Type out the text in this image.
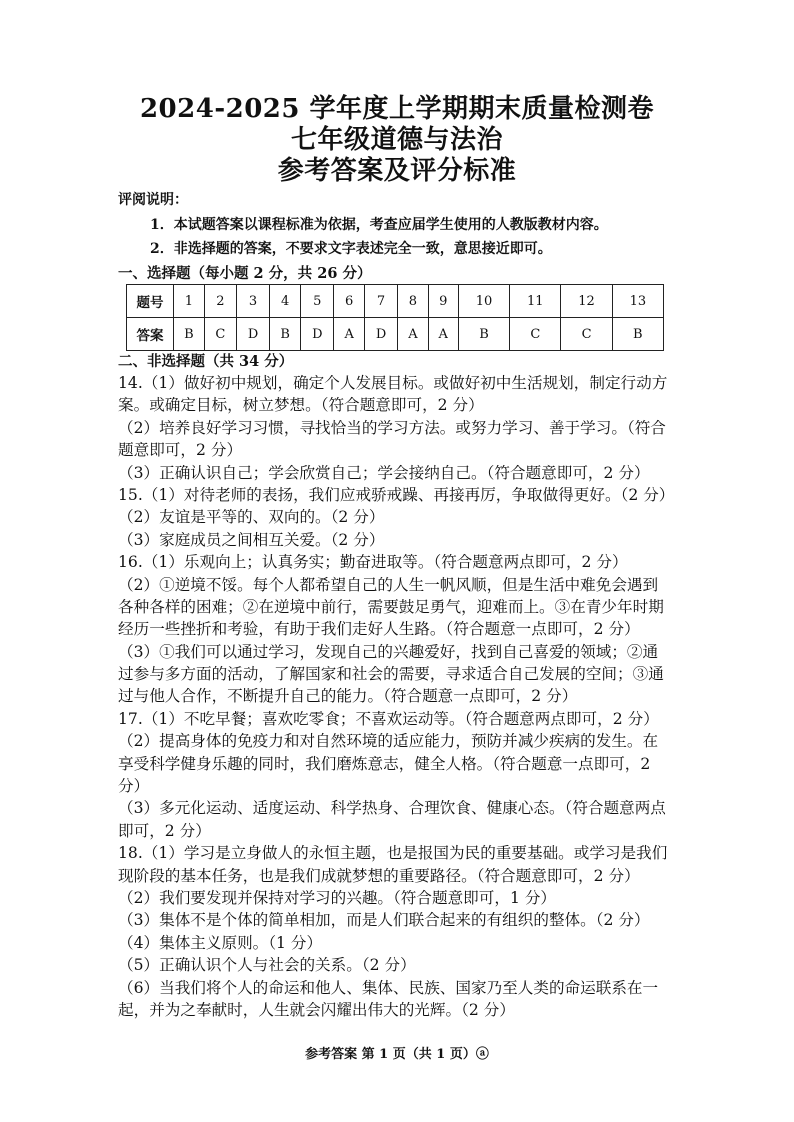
2024-2025 学年度上学期期末质量检测卷
七年级道德与法治
参考答案及评分标准
评阅说明：
1．本试题答案以课程标准为依据，考查应届学生使用的人教版教材内容。
2．非选择题的答案，不要求文字表述完全一致，意思接近即可。
一、选择题（每小题 2 分，共 26 分）
题号	1	2	3	4	5	6	7	8	9	10	11	12	13
答案	B	C	D	B	D	A	D	A	A	B	C	C	B
二、非选择题（共 34 分）
14.（1）做好初中规划，确定个人发展目标。或做好初中生活规划，制定行动方
案。或确定目标，树立梦想。（符合题意即可，2 分）
（2）培养良好学习习惯，寻找恰当的学习方法。或努力学习、善于学习。（符合
题意即可，2 分）
（3）正确认识自己；学会欣赏自己；学会接纳自己。（符合题意即可，2 分）
15.（1）对待老师的表扬，我们应戒骄戒躁、再接再厉，争取做得更好。（2 分）
（2）友谊是平等的、双向的。（2 分）
（3）家庭成员之间相互关爱。（2 分）
16.（1）乐观向上；认真务实；勤奋进取等。（符合题意两点即可，2 分）
（2）①逆境不馁。每个人都希望自己的人生一帆风顺，但是生活中难免会遇到
各种各样的困难；②在逆境中前行，需要鼓足勇气，迎难而上。③在青少年时期
经历一些挫折和考验，有助于我们走好人生路。（符合题意一点即可，2 分）
（3）①我们可以通过学习，发现自己的兴趣爱好，找到自己喜爱的领域；②通
过参与多方面的活动，了解国家和社会的需要，寻求适合自己发展的空间；③通
过与他人合作，不断提升自己的能力。（符合题意一点即可，2 分）
17.（1）不吃早餐；喜欢吃零食；不喜欢运动等。（符合题意两点即可，2 分）
（2）提高身体的免疫力和对自然环境的适应能力，预防并减少疾病的发生。在
享受科学健身乐趣的同时，我们磨炼意志，健全人格。（符合题意一点即可，2
分）
（3）多元化运动、适度运动、科学热身、合理饮食、健康心态。（符合题意两点
即可，2 分）
18.（1）学习是立身做人的永恒主题，也是报国为民的重要基础。或学习是我们
现阶段的基本任务，也是我们成就梦想的重要路径。（符合题意即可，2 分）
（2）我们要发现并保持对学习的兴趣。（符合题意即可，1 分）
（3）集体不是个体的简单相加，而是人们联合起来的有组织的整体。（2 分）
（4）集体主义原则。（1 分）
（5）正确认识个人与社会的关系。（2 分）
（6）当我们将个人的命运和他人、集体、民族、国家乃至人类的命运联系在一
起，并为之奉献时，人生就会闪耀出伟大的光辉。（2 分）
参考答案 第 1 页（共 1 页）ⓐ
